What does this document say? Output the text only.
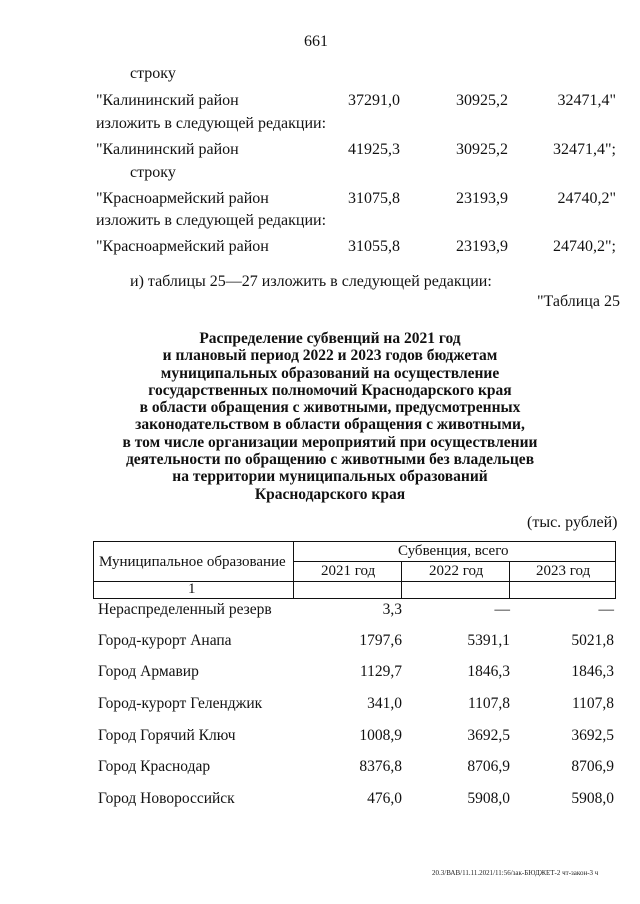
661
строку
"Калининский район	37291,0	30925,2	32471,4"
изложить в следующей редакции:
"Калининский район	41925,3	30925,2	32471,4";
строку
"Красноармейский район	31075,8	23193,9	24740,2"
изложить в следующей редакции:
"Красноармейский район	31055,8	23193,9	24740,2";
и) таблицы 25—27 изложить в следующей редакции:
"Таблица 25
Распределение субвенций на 2021 год
и плановый период 2022 и 2023 годов бюджетам
муниципальных образований на осуществление
государственных полномочий Краснодарского края
в области обращения с животными, предусмотренных
законодательством в области обращения с животными,
в том числе организации мероприятий при осуществлении
деятельности по обращению с животными без владельцев
на территории муниципальных образований
Краснодарского края
(тыс. рублей)
Муниципальное образование
Субвенция, всего
2021 год	2022 год	2023 год
1
Нераспределенный резерв	3,3	—	—
Город-курорт Анапа	1797,6	5391,1	5021,8
Город Армавир	1129,7	1846,3	1846,3
Город-курорт Геленджик	341,0	1107,8	1107,8
Город Горячий Ключ	1008,9	3692,5	3692,5
Город Краснодар	8376,8	8706,9	8706,9
Город Новороссийск	476,0	5908,0	5908,0
20.3/ВАВ/11.11.2021/11:56/зак-БЮДЖЕТ-2 чт-закон-3 ч
